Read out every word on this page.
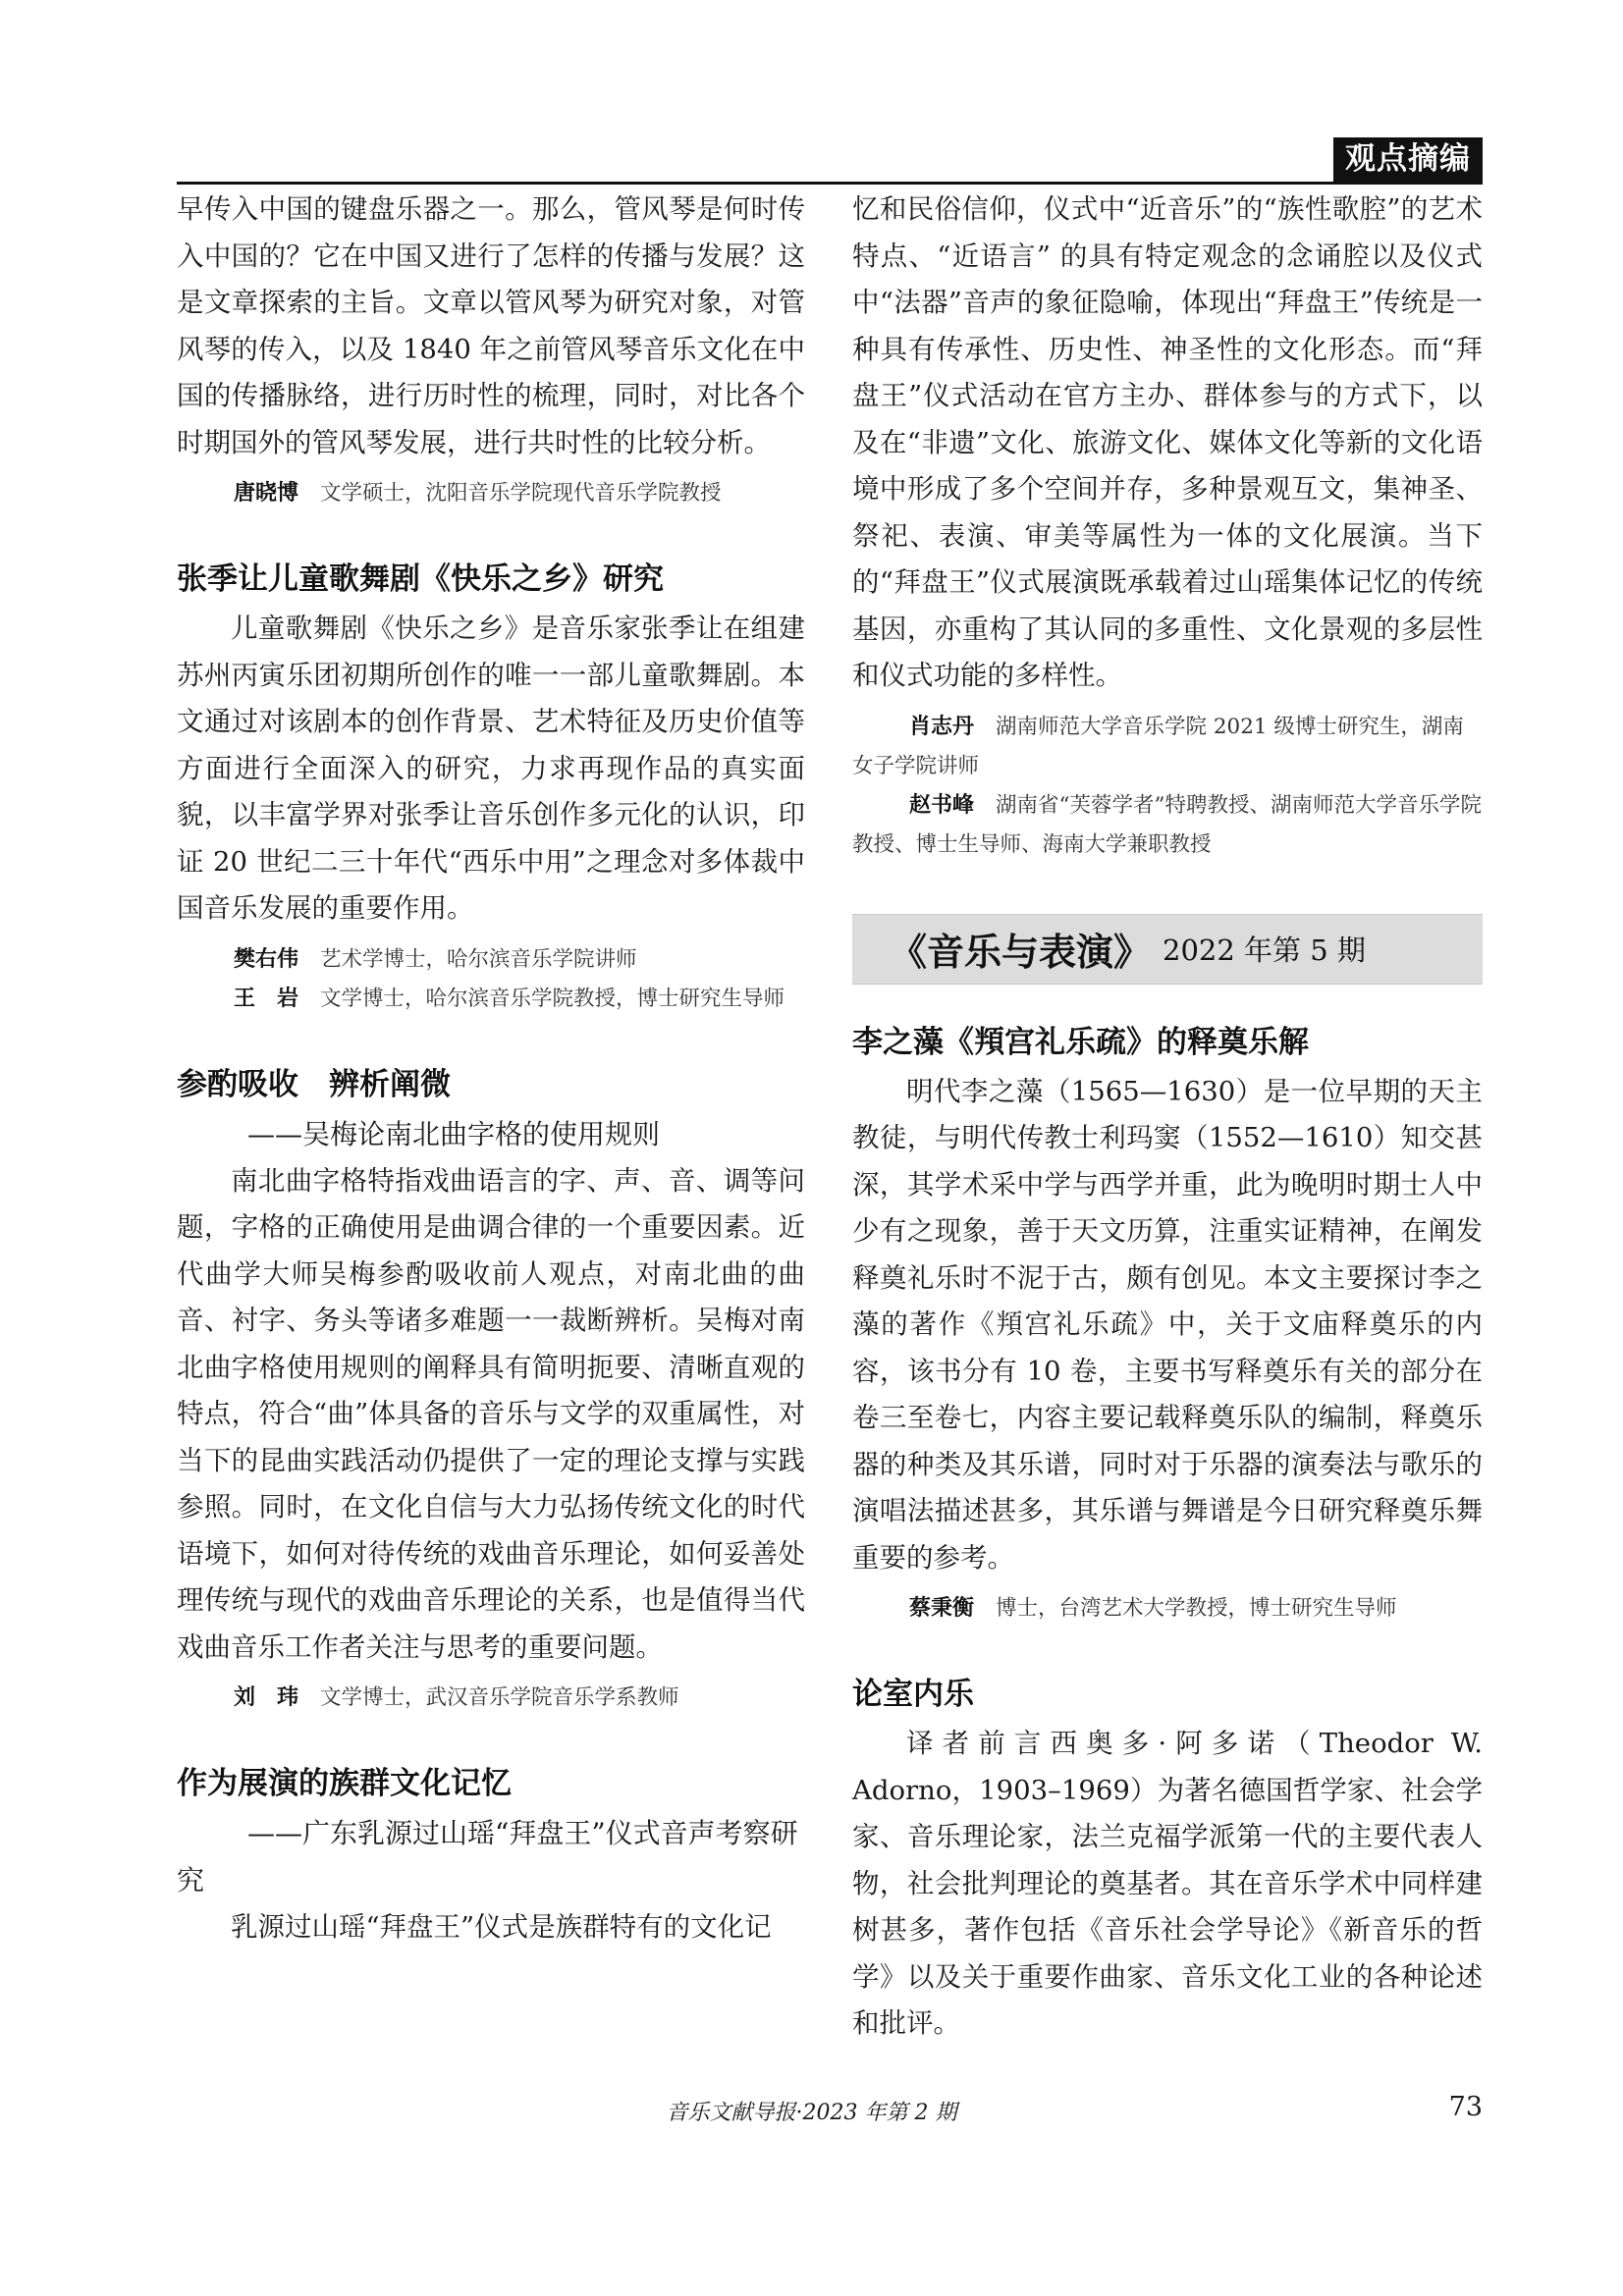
观点摘编

早传入中国的键盘乐器之一。那么，管风琴是何时传入中国的？它在中国又进行了怎样的传播与发展？这是文章探索的主旨。文章以管风琴为研究对象，对管风琴的传入，以及 1840 年之前管风琴音乐文化在中国的传播脉络，进行历时性的梳理，同时，对比各个时期国外的管风琴发展，进行共时性的比较分析。

唐晓博 文学硕士，沈阳音乐学院现代音乐学院教授
张季让儿童歌舞剧《快乐之乡》研究

儿童歌舞剧《快乐之乡》是音乐家张季让在组建苏州丙寅乐团初期所创作的唯一一部儿童歌舞剧。本文通过对该剧本的创作背景、艺术特征及历史价值等方面进行全面深入的研究，力求再现作品的真实面貌，以丰富学界对张季让音乐创作多元化的认识，印证 20 世纪二三十年代“西乐中用”之理念对多体裁中国音乐发展的重要作用。

樊右伟 艺术学博士，哈尔滨音乐学院讲师
王　岩 文学博士，哈尔滨音乐学院教授，博士研究生导师
参酌吸收　辨析阐微

——吴梅论南北曲字格的使用规则

南北曲字格特指戏曲语言的字、声、音、调等问题，字格的正确使用是曲调合律的一个重要因素。近代曲学大师吴梅参酌吸收前人观点，对南北曲的曲音、衬字、务头等诸多难题一一裁断辨析。吴梅对南北曲字格使用规则的阐释具有简明扼要、清晰直观的特点，符合“曲”体具备的音乐与文学的双重属性，对当下的昆曲实践活动仍提供了一定的理论支撑与实践参照。同时，在文化自信与大力弘扬传统文化的时代语境下，如何对待传统的戏曲音乐理论，如何妥善处理传统与现代的戏曲音乐理论的关系，也是值得当代戏曲音乐工作者关注与思考的重要问题。

刘　玮 文学博士，武汉音乐学院音乐学系教师
作为展演的族群文化记忆

——广东乳源过山瑶“拜盘王”仪式音声考察研究

乳源过山瑶“拜盘王”仪式是族群特有的文化记

忆和民俗信仰，仪式中“近音乐”的“族性歌腔”的艺术特点、“近语言” 的具有特定观念的念诵腔以及仪式中“法器”音声的象征隐喻，体现出“拜盘王”传统是一种具有传承性、历史性、神圣性的文化形态。而“拜盘王”仪式活动在官方主办、群体参与的方式下，以及在“非遗”文化、旅游文化、媒体文化等新的文化语境中形成了多个空间并存，多种景观互文，集神圣、祭祀、表演、审美等属性为一体的文化展演。当下的“拜盘王”仪式展演既承载着过山瑶集体记忆的传统基因，亦重构了其认同的多重性、文化景观的多层性和仪式功能的多样性。

肖志丹 湖南师范大学音乐学院 2021 级博士研究生，湖南女子学院讲师
赵书峰 湖南省“芙蓉学者”特聘教授、湖南师范大学音乐学院教授、博士生导师、海南大学兼职教授
《音乐与表演》 2022 年第 5 期
李之藻《頖宫礼乐疏》的释奠乐解

明代李之藻（1565—1630）是一位早期的天主教徒，与明代传教士利玛窦（1552—1610）知交甚深，其学术采中学与西学并重，此为晚明时期士人中少有之现象，善于天文历算，注重实证精神，在阐发释奠礼乐时不泥于古，颇有创见。本文主要探讨李之藻的著作《頖宫礼乐疏》中，关于文庙释奠乐的内容，该书分有 10 卷，主要书写释奠乐有关的部分在卷三至卷七，内容主要记载释奠乐队的编制，释奠乐器的种类及其乐谱，同时对于乐器的演奏法与歌乐的演唱法描述甚多，其乐谱与舞谱是今日研究释奠乐舞重要的参考。

蔡秉衡 博士，台湾艺术大学教授，博士研究生导师
论室内乐

译者前言西奥多·阿多诺（Theodor W. Adorno，1903–1969）为著名德国哲学家、社会学家、音乐理论家，法兰克福学派第一代的主要代表人物，社会批判理论的奠基者。其在音乐学术中同样建树甚多，著作包括《音乐社会学导论》《新音乐的哲学》以及关于重要作曲家、音乐文化工业的各种论述和批评。

音乐文献导报·2023 年第 2 期	73
